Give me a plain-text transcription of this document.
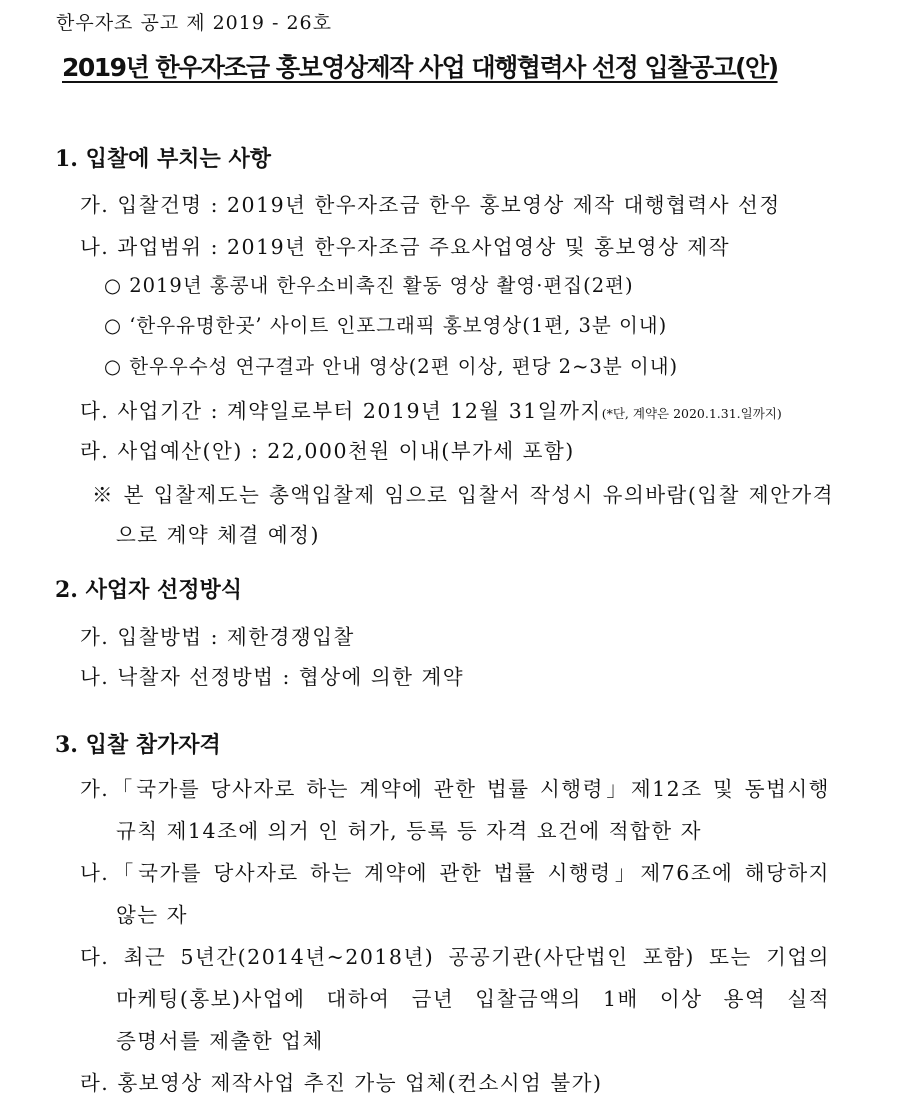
한우자조 공고 제 2019 - 26호
2019년 한우자조금 홍보영상제작 사업 대행협력사 선정 입찰공고(안)
1. 입찰에 부치는 사항
가. 입찰건명 : 2019년 한우자조금 한우 홍보영상 제작 대행협력사 선정
나. 과업범위 : 2019년 한우자조금 주요사업영상 및 홍보영상 제작
○ 2019년 홍콩내 한우소비촉진 활동 영상 촬영·편집(2편)
○ ‘한우유명한곳’ 사이트 인포그래픽 홍보영상(1편, 3분 이내)
○ 한우우수성 연구결과 안내 영상(2편 이상, 편당 2~3분 이내)
다. 사업기간 : 계약일로부터 2019년 12월 31일까지(*단, 계약은 2020.1.31.일까지)
라. 사업예산(안) : 22,000천원 이내(부가세 포함)
※ 본 입찰제도는 총액입찰제 임으로 입찰서 작성시 유의바람(입찰 제안가격
으로 계약 체결 예정)
2. 사업자 선정방식
가. 입찰방법 : 제한경쟁입찰
나. 낙찰자 선정방법 : 협상에 의한 계약
3. 입찰 참가자격
가.「국가를 당사자로 하는 계약에 관한 법률 시행령」제12조 및 동법시행
규칙 제14조에 의거 인 허가, 등록 등 자격 요건에 적합한 자
나.「국가를 당사자로 하는 계약에 관한 법률 시행령」제76조에 해당하지
않는 자
다. 최근 5년간(2014년~2018년) 공공기관(사단법인 포함) 또는 기업의
마케팅(홍보)사업에 대하여 금년 입찰금액의 1배 이상 용역 실적
증명서를 제출한 업체
라. 홍보영상 제작사업 추진 가능 업체(컨소시엄 불가)
